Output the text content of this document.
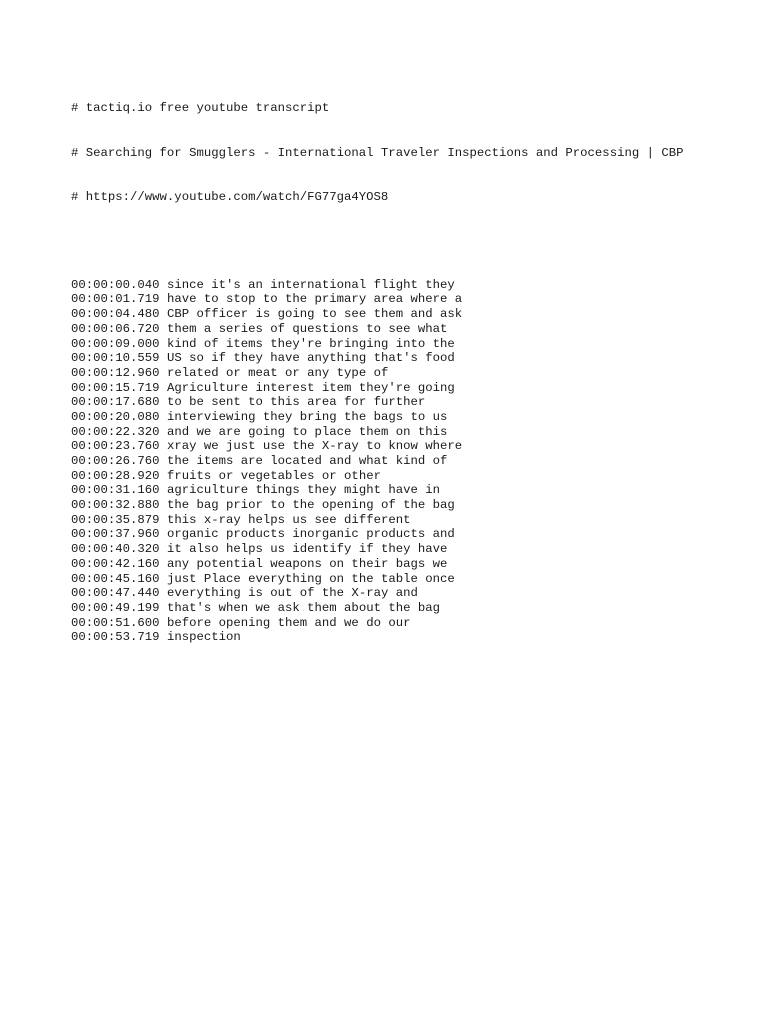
# tactiq.io free youtube transcript

# Searching for Smugglers - International Traveler Inspections and Processing | CBP

# https://www.youtube.com/watch/FG77ga4YOS8

00:00:00.040 since it's an international flight they
00:00:01.719 have to stop to the primary area where a
00:00:04.480 CBP officer is going to see them and ask
00:00:06.720 them a series of questions to see what
00:00:09.000 kind of items they're bringing into the
00:00:10.559 US so if they have anything that's food
00:00:12.960 related or meat or any type of
00:00:15.719 Agriculture interest item they're going
00:00:17.680 to be sent to this area for further
00:00:20.080 interviewing they bring the bags to us
00:00:22.320 and we are going to place them on this
00:00:23.760 xray we just use the X-ray to know where
00:00:26.760 the items are located and what kind of
00:00:28.920 fruits or vegetables or other
00:00:31.160 agriculture things they might have in
00:00:32.880 the bag prior to the opening of the bag
00:00:35.879 this x-ray helps us see different
00:00:37.960 organic products inorganic products and
00:00:40.320 it also helps us identify if they have
00:00:42.160 any potential weapons on their bags we
00:00:45.160 just Place everything on the table once
00:00:47.440 everything is out of the X-ray and
00:00:49.199 that's when we ask them about the bag
00:00:51.600 before opening them and we do our
00:00:53.719 inspection
